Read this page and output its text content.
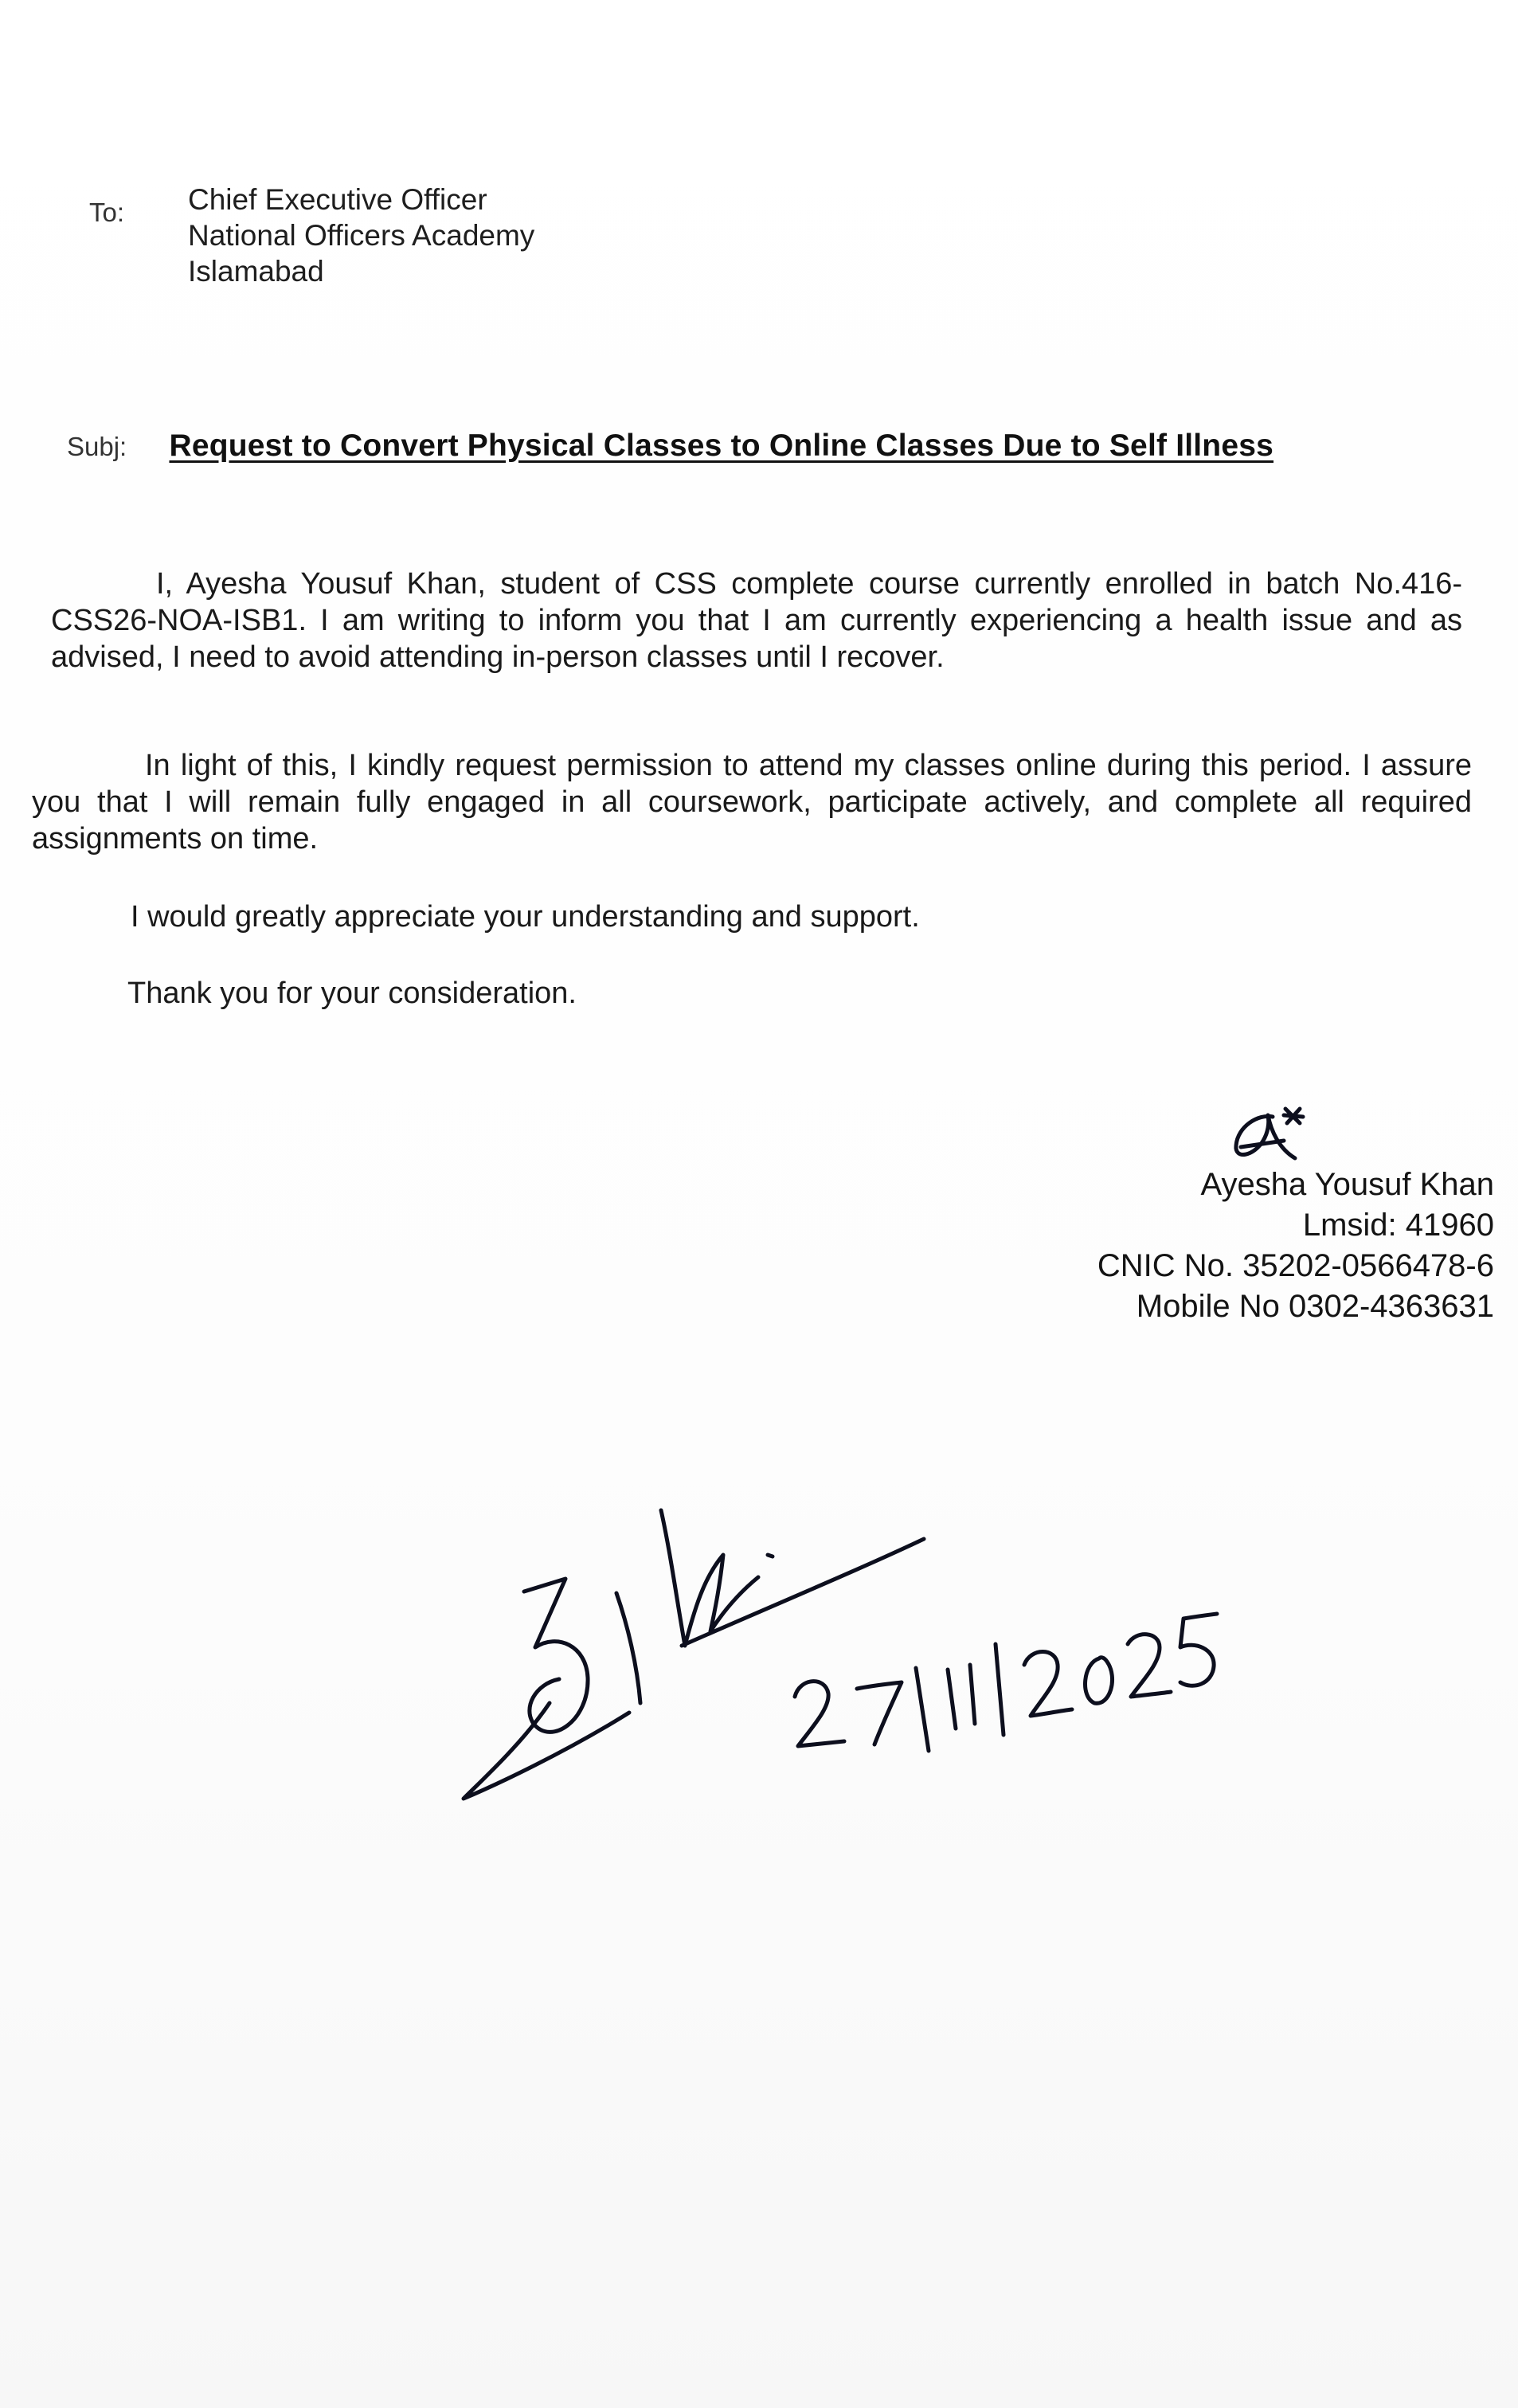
To: Chief Executive Officer
National Officers Academy
Islamabad
Subj: Request to Convert Physical Classes to Online Classes Due to Self Illness

I, Ayesha Yousuf Khan, student of CSS complete course currently enrolled in batch No.416-CSS26-NOA-ISB1. I am writing to inform you that I am currently experiencing a health issue and as advised, I need to avoid attending in-person classes until I recover.

In light of this, I kindly request permission to attend my classes online during this period. I assure you that I will remain fully engaged in all coursework, participate actively, and complete all required assignments on time.

I would greatly appreciate your understanding and support.

Thank you for your consideration.

Ayesha Yousuf Khan
Lmsid: 41960
CNIC No. 35202-0566478-6
Mobile No 0302-4363631
